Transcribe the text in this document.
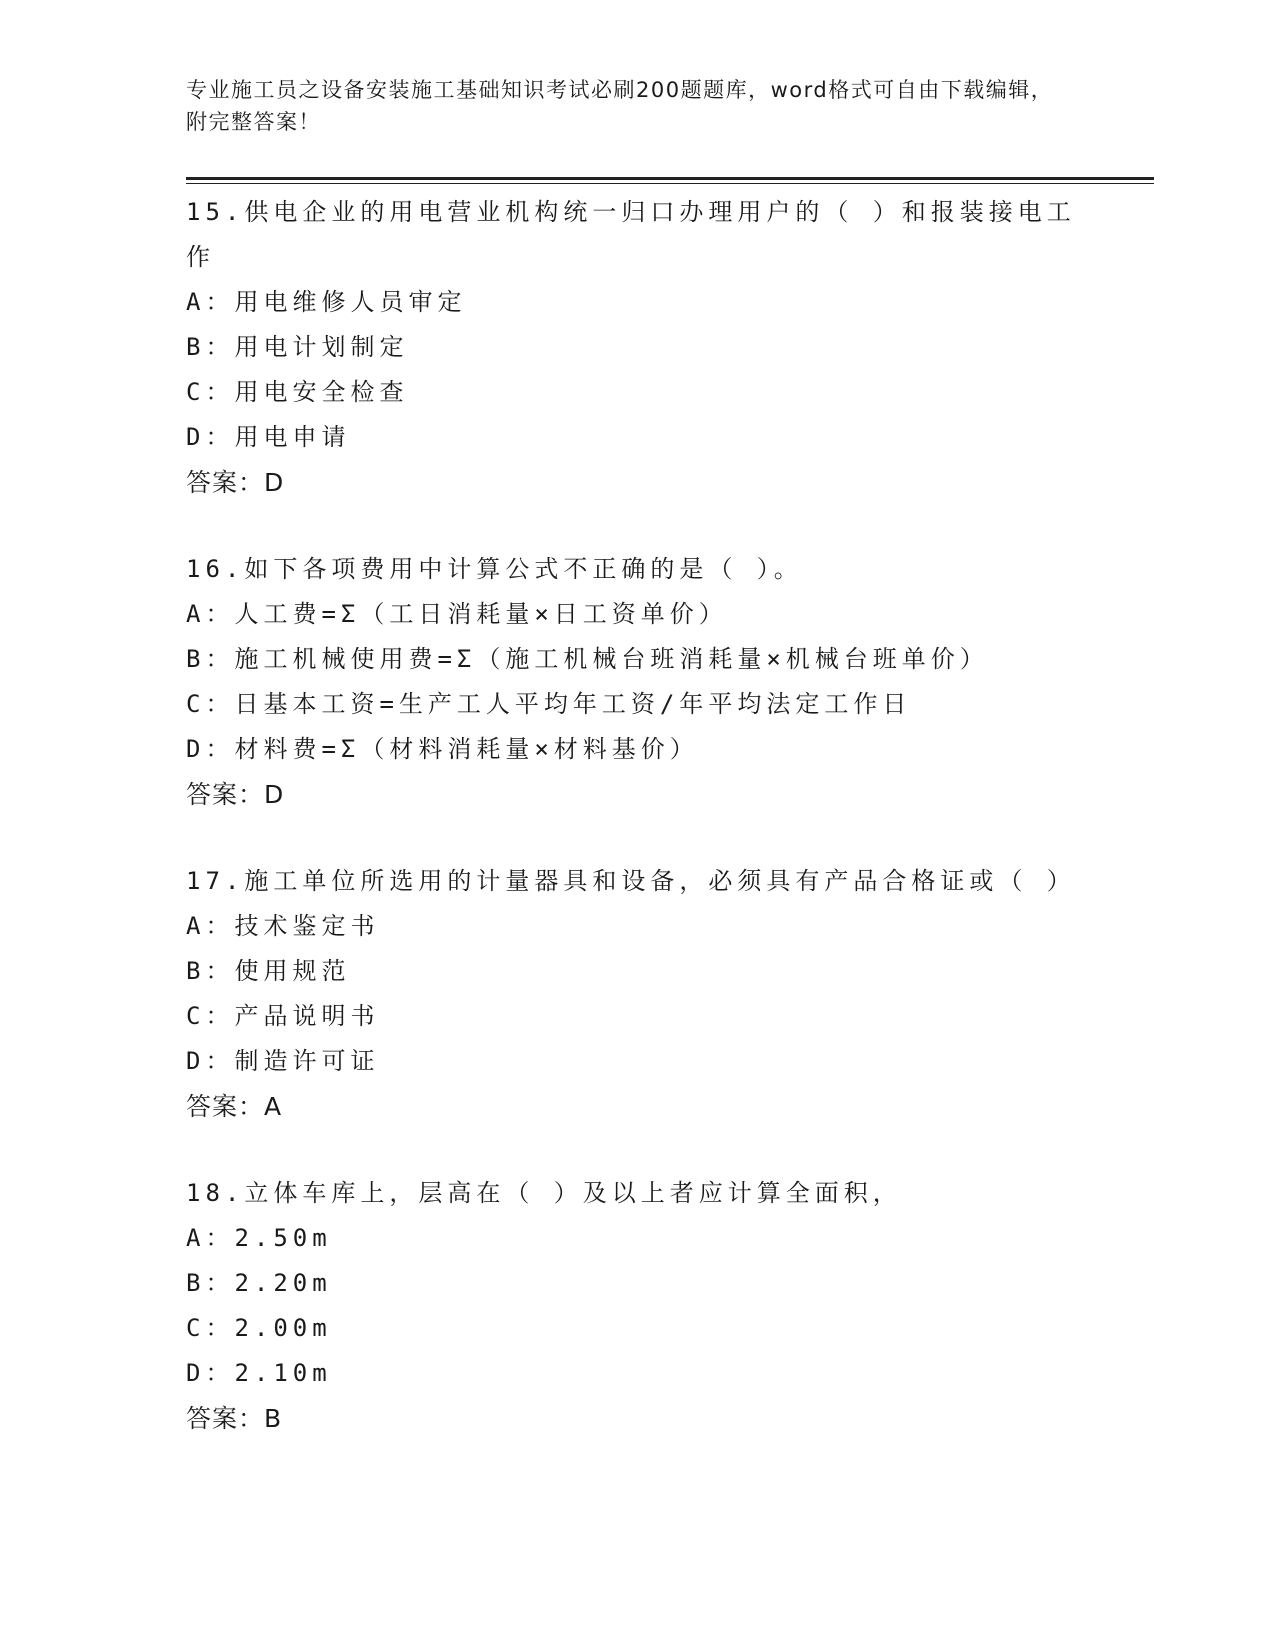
专业施工员之设备安装施工基础知识考试必刷200题题库，word格式可自由下载编辑，附完整答案！
15.供电企业的用电营业机构统一归口办理用户的（ ）和报装接电工作
A：用电维修人员审定
B：用电计划制定
C：用电安全检查
D：用电申请
答案：D
16.如下各项费用中计算公式不正确的是（ ）。
A：人工费=Σ（工日消耗量×日工资单价）
B：施工机械使用费=Σ（施工机械台班消耗量×机械台班单价）
C：日基本工资=生产工人平均年工资/年平均法定工作日
D：材料费=Σ（材料消耗量×材料基价）
答案：D
17.施工单位所选用的计量器具和设备，必须具有产品合格证或（ ）
A：技术鉴定书
B：使用规范
C：产品说明书
D：制造许可证
答案：A
18.立体车库上，层高在（ ）及以上者应计算全面积，
A：2.50m
B：2.20m
C：2.00m
D：2.10m
答案：B
